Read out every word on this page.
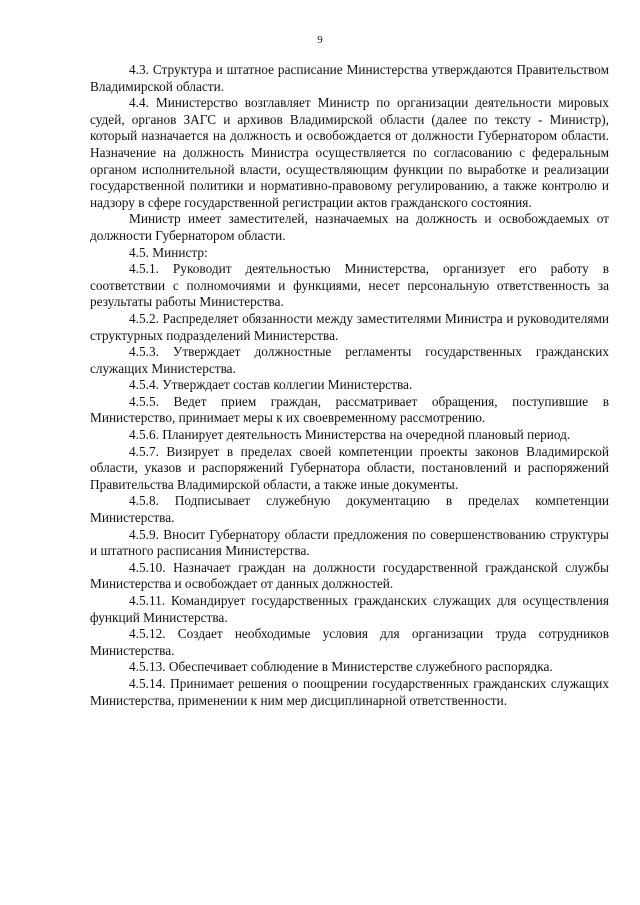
9

4.3. Структура и штатное расписание Министерства утверждаются Правительством Владимирской области.

4.4. Министерство возглавляет Министр по организации деятельности мировых судей, органов ЗАГС и архивов Владимирской области (далее по тексту - Министр), который назначается на должность и освобождается от должности Губернатором области. Назначение на должность Министра осуществляется по согласованию с федеральным органом исполнительной власти, осуществляющим функции по выработке и реализации государственной политики и нормативно-правовому регулированию, а также контролю и надзору в сфере государственной регистрации актов гражданского состояния.

Министр имеет заместителей, назначаемых на должность и освобождаемых от должности Губернатором области.

4.5. Министр:

4.5.1. Руководит деятельностью Министерства, организует его работу в соответствии с полномочиями и функциями, несет персональную ответственность за результаты работы Министерства.

4.5.2. Распределяет обязанности между заместителями Министра и руководителями структурных подразделений Министерства.

4.5.3. Утверждает должностные регламенты государственных гражданских служащих Министерства.

4.5.4. Утверждает состав коллегии Министерства.

4.5.5. Ведет прием граждан, рассматривает обращения, поступившие в Министерство, принимает меры к их своевременному рассмотрению.

4.5.6. Планирует деятельность Министерства на очередной плановый период.

4.5.7. Визирует в пределах своей компетенции проекты законов Владимирской области, указов и распоряжений Губернатора области, постановлений и распоряжений Правительства Владимирской области, а также иные документы.

4.5.8. Подписывает служебную документацию в пределах компетенции Министерства.

4.5.9. Вносит Губернатору области предложения по совершенствованию структуры и штатного расписания Министерства.

4.5.10. Назначает граждан на должности государственной гражданской службы Министерства и освобождает от данных должностей.

4.5.11. Командирует государственных гражданских служащих для осуществления функций Министерства.

4.5.12. Создает необходимые условия для организации труда сотрудников Министерства.

4.5.13. Обеспечивает соблюдение в Министерстве служебного распорядка.

4.5.14. Принимает решения о поощрении государственных гражданских служащих Министерства, применении к ним мер дисциплинарной ответственности.
